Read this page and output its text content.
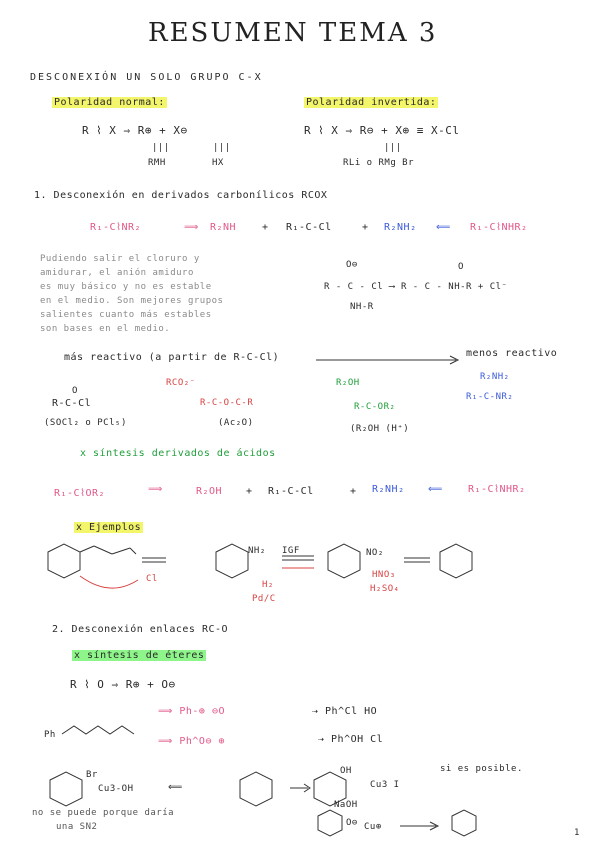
RESUMEN TEMA 3
DESCONEXIÓN UN SOLO GRUPO C-X
Polaridad normal:
R ⌇ X ⇒ R⊕ + X⊖
|||	|||
RMH	HX
Polaridad invertida:
R ⌇ X ⇒ R⊖ + X⊕ ≡ X-Cl
|||
RLi o RMg Br
1. Desconexión en derivados carbonílicos RCOX
R₁-C⌇NR₂	⟹ R₂NH	+ R₁-C-Cl	+ R₂NH₂ ⟸ R₁-C⌇NHR₂
Pudiendo salir el cloruro y
amidurar, el anión amiduro
es muy básico y no es estable
en el medio. Son mejores grupos
salientes cuanto más estables
son bases en el medio.
O⊖	O
R - C - Cl ⟶ R - C - NH-R + Cl⁻
NH-R
más reactivo (a partir de R-C-Cl)	menos reactivo
O
R-C-Cl
(SOCl₂ o PCl₅)
RCO₂⁻
R-C-O-C-R
(Ac₂O)
R₂OH
R-C-OR₂
(R₂OH (H⁺)
R₂NH₂
R₁-C-NR₂
x síntesis derivados de ácidos
R₁-C⌇OR₂	⟹	R₂OH + R₁-C-Cl	+ R₂NH₂ ⟸	R₁-C⌇NHR₂
x Ejemplos
Cl
NH₂ IGF	NO₂
H₂
Pd/C
HNO₃
H₂SO₄
2. Desconexión enlaces RC-O
x síntesis de éteres
R ⌇ O ⇒ R⊕ + O⊖
Ph
⟹ Ph-⊕ ⊖O	⇢ Ph^Cl HO
⟹ Ph^O⊖ ⊕	⇢ Ph^OH Cl
Br
Cu3-OH	⟸
OH
Cu3 I
si es posible.
no se puede porque daría
una SN2
NaOH
O⊖ Cu⊕
1
